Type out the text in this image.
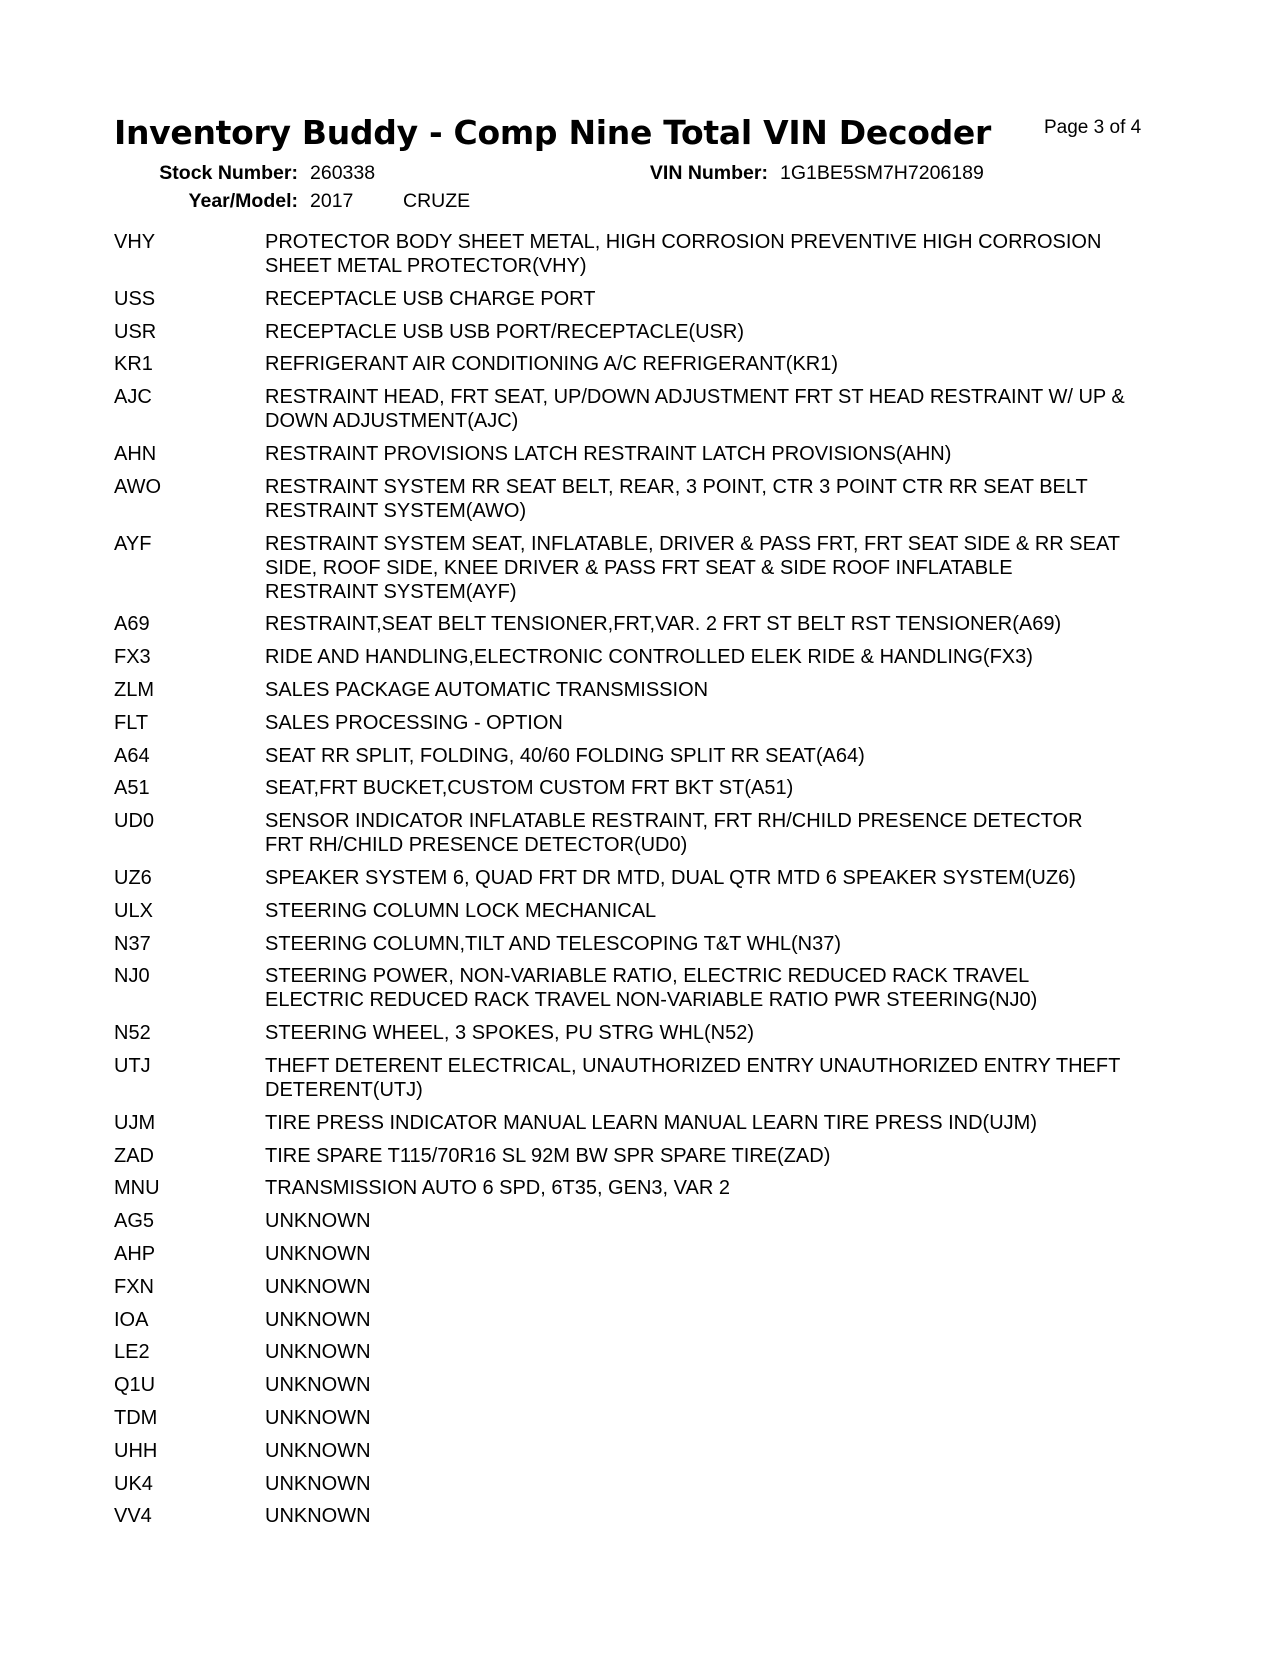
Inventory Buddy - Comp Nine Total VIN Decoder	Page 3 of 4
Stock Number: 260338	VIN Number: 1G1BE5SM7H7206189
Year/Model: 2017	CRUZE
VHY	PROTECTOR BODY SHEET METAL, HIGH CORROSION PREVENTIVE HIGH CORROSION
SHEET METAL PROTECTOR(VHY)
USS	RECEPTACLE USB CHARGE PORT
USR	RECEPTACLE USB USB PORT/RECEPTACLE(USR)
KR1	REFRIGERANT AIR CONDITIONING A/C REFRIGERANT(KR1)
AJC	RESTRAINT HEAD, FRT SEAT, UP/DOWN ADJUSTMENT FRT ST HEAD RESTRAINT W/ UP &
DOWN ADJUSTMENT(AJC)
AHN	RESTRAINT PROVISIONS LATCH RESTRAINT LATCH PROVISIONS(AHN)
AWO	RESTRAINT SYSTEM RR SEAT BELT, REAR, 3 POINT, CTR 3 POINT CTR RR SEAT BELT
RESTRAINT SYSTEM(AWO)
AYF	RESTRAINT SYSTEM SEAT, INFLATABLE, DRIVER & PASS FRT, FRT SEAT SIDE & RR SEAT
SIDE, ROOF SIDE, KNEE DRIVER & PASS FRT SEAT & SIDE ROOF INFLATABLE
RESTRAINT SYSTEM(AYF)
A69	RESTRAINT,SEAT BELT TENSIONER,FRT,VAR. 2 FRT ST BELT RST TENSIONER(A69)
FX3	RIDE AND HANDLING,ELECTRONIC CONTROLLED ELEK RIDE & HANDLING(FX3)
ZLM	SALES PACKAGE AUTOMATIC TRANSMISSION
FLT	SALES PROCESSING - OPTION
A64	SEAT RR SPLIT, FOLDING, 40/60 FOLDING SPLIT RR SEAT(A64)
A51	SEAT,FRT BUCKET,CUSTOM CUSTOM FRT BKT ST(A51)
UD0	SENSOR INDICATOR INFLATABLE RESTRAINT, FRT RH/CHILD PRESENCE DETECTOR
FRT RH/CHILD PRESENCE DETECTOR(UD0)
UZ6	SPEAKER SYSTEM 6, QUAD FRT DR MTD, DUAL QTR MTD 6 SPEAKER SYSTEM(UZ6)
ULX	STEERING COLUMN LOCK MECHANICAL
N37	STEERING COLUMN,TILT AND TELESCOPING T&T WHL(N37)
NJ0	STEERING POWER, NON-VARIABLE RATIO, ELECTRIC REDUCED RACK TRAVEL
ELECTRIC REDUCED RACK TRAVEL NON-VARIABLE RATIO PWR STEERING(NJ0)
N52	STEERING WHEEL, 3 SPOKES, PU STRG WHL(N52)
UTJ	THEFT DETERENT ELECTRICAL, UNAUTHORIZED ENTRY UNAUTHORIZED ENTRY THEFT
DETERENT(UTJ)
UJM	TIRE PRESS INDICATOR MANUAL LEARN MANUAL LEARN TIRE PRESS IND(UJM)
ZAD	TIRE SPARE T115/70R16 SL 92M BW SPR SPARE TIRE(ZAD)
MNU	TRANSMISSION AUTO 6 SPD, 6T35, GEN3, VAR 2
AG5	UNKNOWN
AHP	UNKNOWN
FXN	UNKNOWN
IOA	UNKNOWN
LE2	UNKNOWN
Q1U	UNKNOWN
TDM	UNKNOWN
UHH	UNKNOWN
UK4	UNKNOWN
VV4	UNKNOWN
